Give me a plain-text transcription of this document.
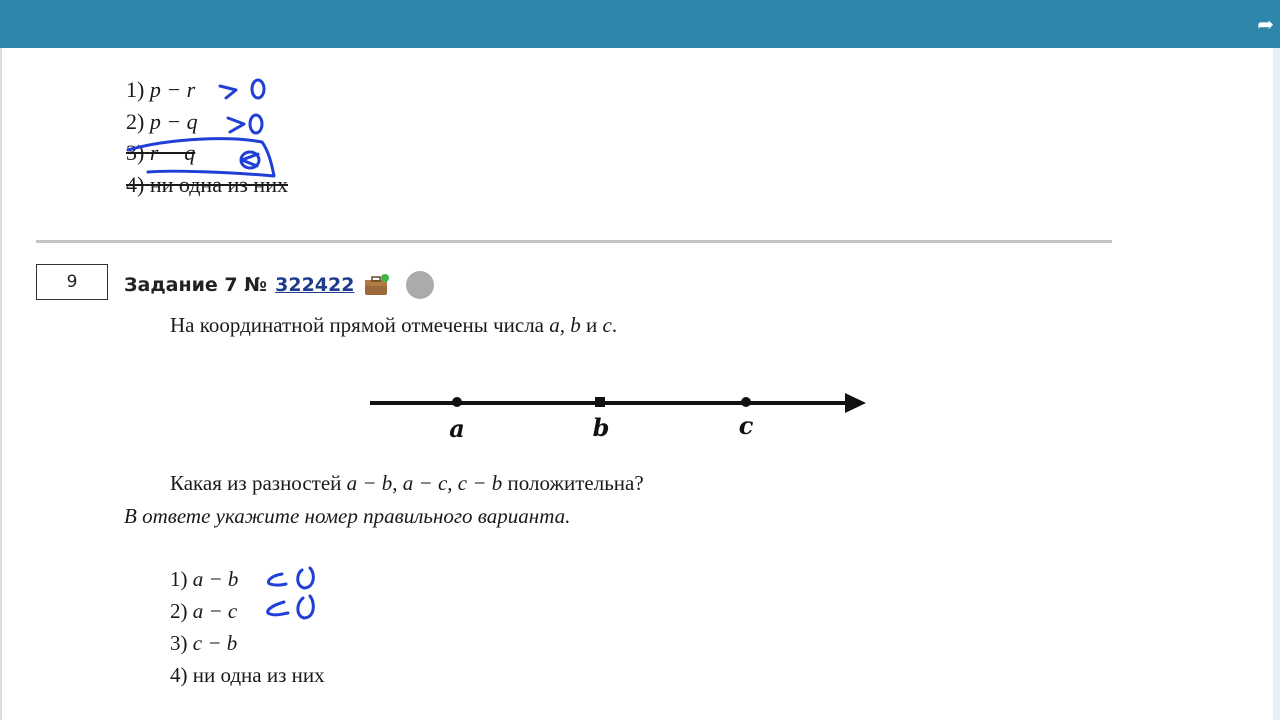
➦
1) p − r
2) p − q
3) r − q
4) ни одна из них
9 Задание 7 № 322422
На координатной прямой отмечены числа a, b и c.
a	b	c
Какая из разностей a − b, a − c, c − b положительна?
В ответе укажите номер правильного варианта.
1) a − b
2) a − c
3) c − b
4) ни одна из них
